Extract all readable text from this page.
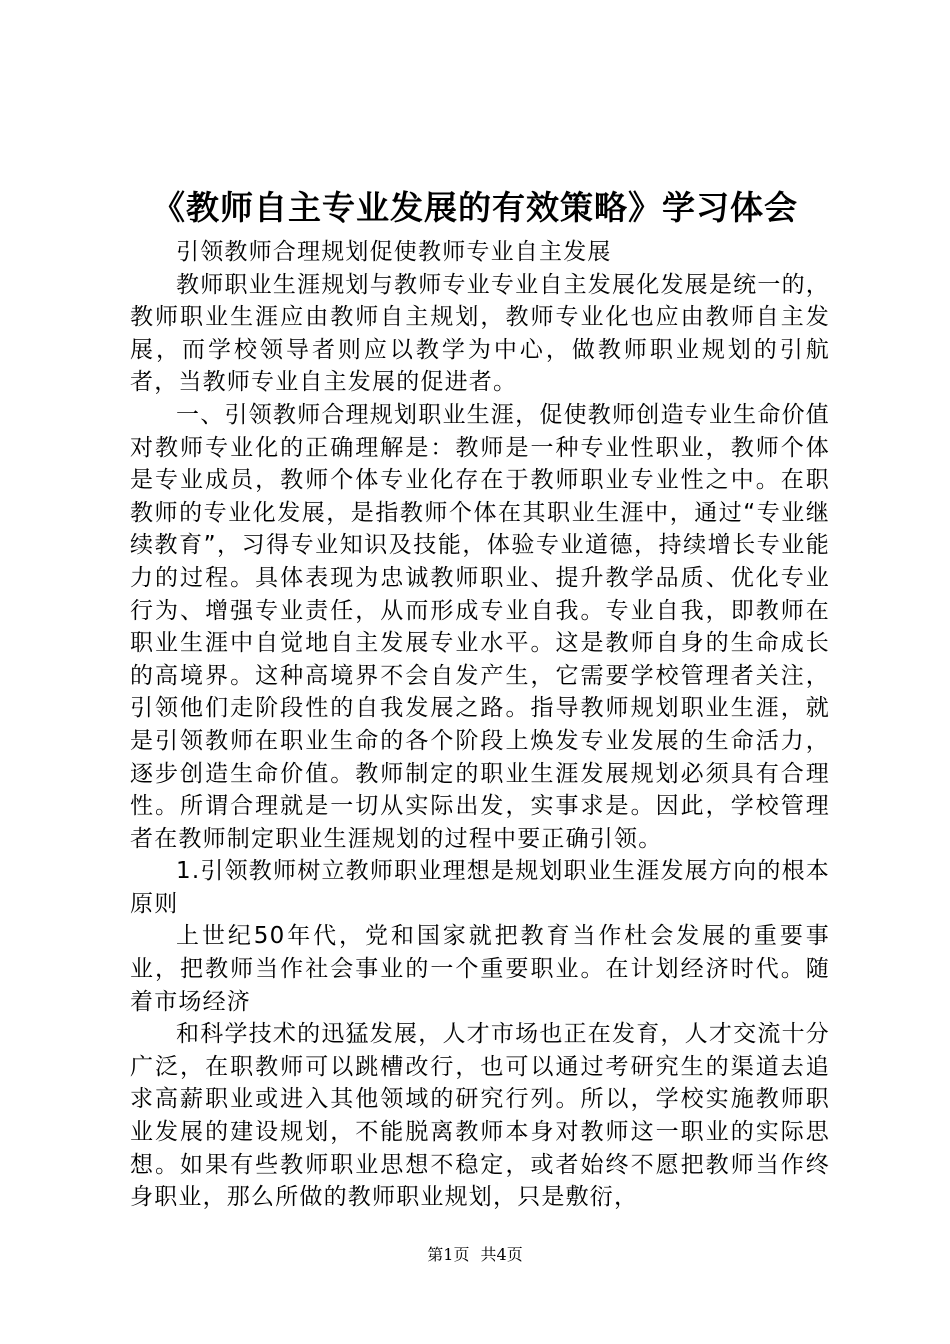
《教师自主专业发展的有效策略》学习体会

引领教师合理规划促使教师专业自主发展

教师职业生涯规划与教师专业专业自主发展化发展是统一的，教师职业生涯应由教师自主规划，教师专业化也应由教师自主发展，而学校领导者则应以教学为中心，做教师职业规划的引航者，当教师专业自主发展的促进者。

一、引领教师合理规划职业生涯，促使教师创造专业生命价值对教师专业化的正确理解是：教师是一种专业性职业，教师个体是专业成员，教师个体专业化存在于教师职业专业性之中。在职教师的专业化发展，是指教师个体在其职业生涯中，通过“专业继续教育”，习得专业知识及技能，体验专业道德，持续增长专业能力的过程。具体表现为忠诚教师职业、提升教学品质、优化专业行为、增强专业责任，从而形成专业自我。专业自我，即教师在职业生涯中自觉地自主发展专业水平。这是教师自身的生命成长的高境界。这种高境界不会自发产生，它需要学校管理者关注，引领他们走阶段性的自我发展之路。指导教师规划职业生涯，就是引领教师在职业生命的各个阶段上焕发专业发展的生命活力，逐步创造生命价值。教师制定的职业生涯发展规划必须具有合理性。所谓合理就是一切从实际出发，实事求是。因此，学校管理者在教师制定职业生涯规划的过程中要正确引领。

1.引领教师树立教师职业理想是规划职业生涯发展方向的根本原则

上世纪50年代，党和国家就把教育当作杜会发展的重要事业，把教师当作社会事业的一个重要职业。在计划经济时代。随着市场经济

和科学技术的迅猛发展，人才市场也正在发育，人才交流十分广泛，在职教师可以跳槽改行，也可以通过考研究生的渠道去追求高薪职业或进入其他领域的研究行列。所以，学校实施教师职业发展的建设规划，不能脱离教师本身对教师这一职业的实际思想。如果有些教师职业思想不稳定，或者始终不愿把教师当作终身职业，那么所做的教师职业规划，只是敷衍，

第1页 共4页
